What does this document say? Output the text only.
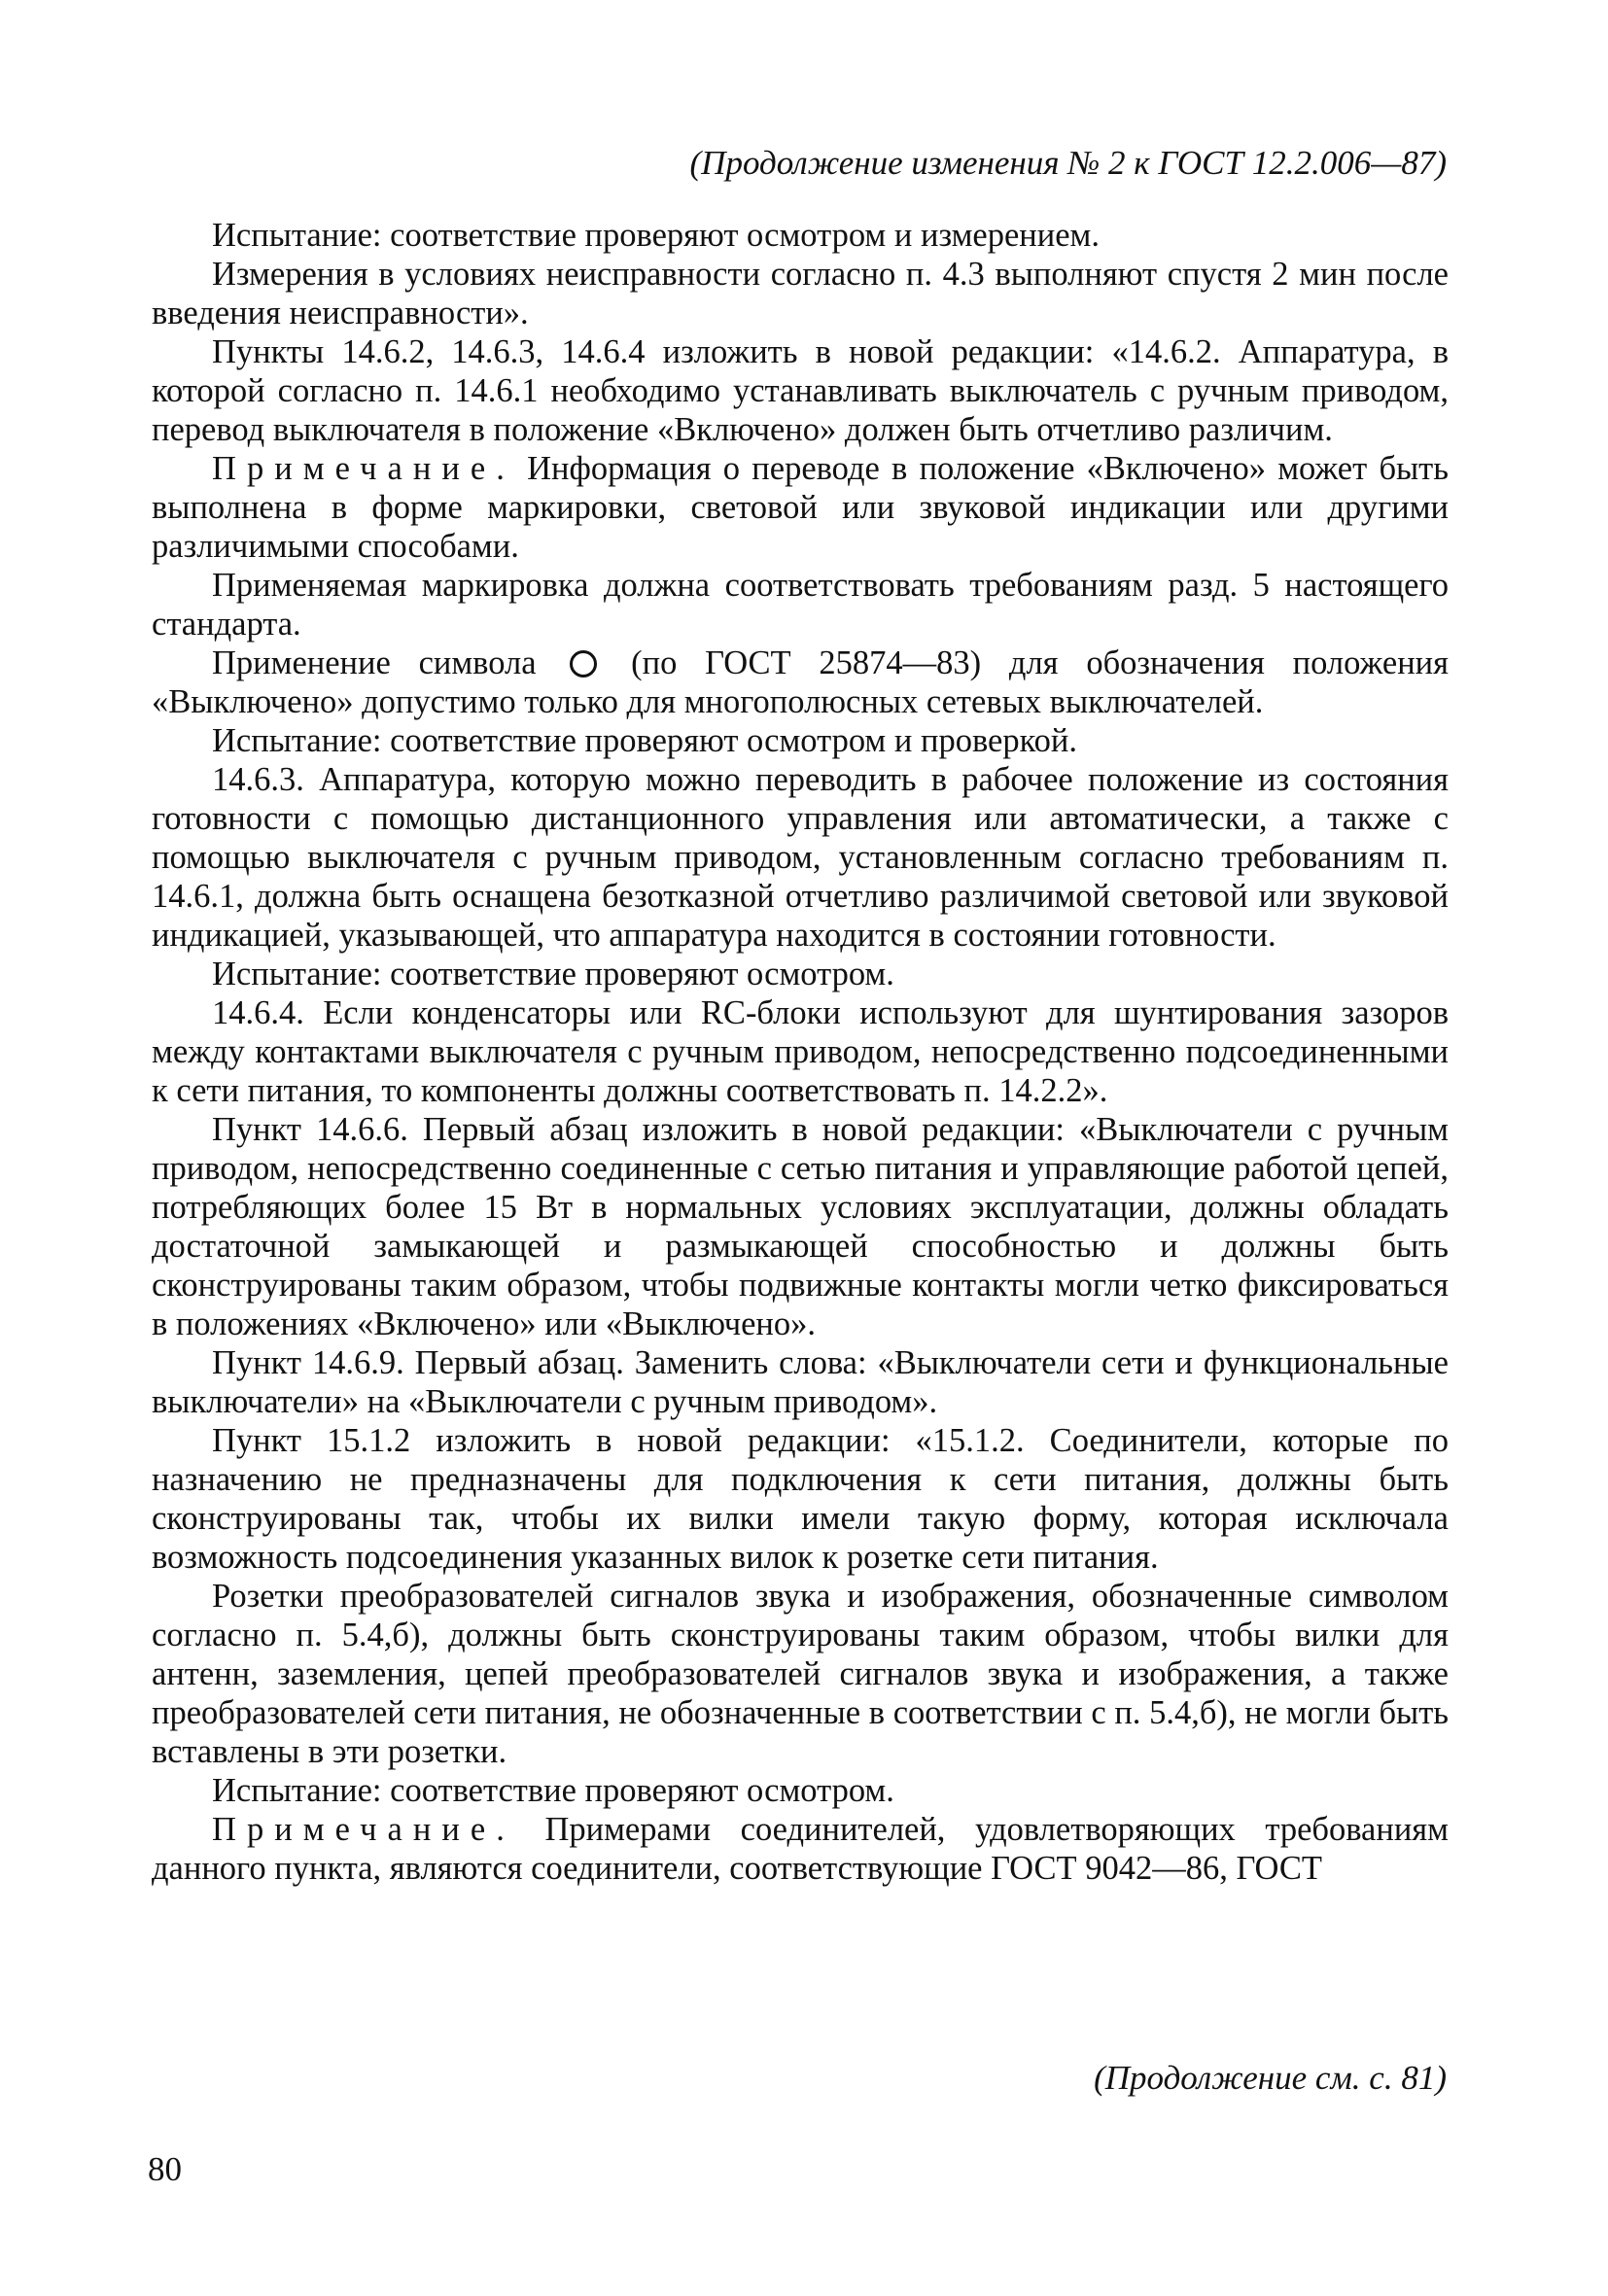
(Продолжение изменения № 2 к ГОСТ 12.2.006—87)

Испытание: соответствие проверяют осмотром и измерением.

Измерения в условиях неисправности согласно п. 4.3 выполняют спустя 2 мин после введения неисправности».

Пункты 14.6.2, 14.6.3, 14.6.4 изложить в новой редакции: «14.6.2. Аппаратура, в которой согласно п. 14.6.1 необходимо устанавливать выключатель с ручным приводом, перевод выключателя в положение «Включено» должен быть отчетливо различим.

Примечание. Информация о переводе в положение «Включено» может быть выполнена в форме маркировки, световой или звуковой индикации или другими различимыми способами.

Применяемая маркировка должна соответствовать требованиям разд. 5 настоящего стандарта.

Применение символа	(по ГОСТ 25874—83) для обозначения положения «Выключено» допустимо только для многополюсных сетевых выключателей.

Испытание: соответствие проверяют осмотром и проверкой.

14.6.3. Аппаратура, которую можно переводить в рабочее положение из состояния готовности с помощью дистанционного управления или автоматически, а также с помощью выключателя с ручным приводом, установленным согласно требованиям п. 14.6.1, должна быть оснащена безотказной отчетливо различимой световой или звуковой индикацией, указывающей, что аппаратура находится в состоянии готовности.

Испытание: соответствие проверяют осмотром.

14.6.4. Если конденсаторы или RC-блоки используют для шунтирования зазоров между контактами выключателя с ручным приводом, непосредственно подсоединенными к сети питания, то компоненты должны соответствовать п. 14.2.2».

Пункт 14.6.6. Первый абзац изложить в новой редакции: «Выключатели с ручным приводом, непосредственно соединенные с сетью питания и управляющие работой цепей, потребляющих более 15 Вт в нормальных условиях эксплуатации, должны обладать достаточной замыкающей и размыкающей способностью и должны быть сконструированы таким образом, чтобы подвижные контакты могли четко фиксироваться в положениях «Включено» или «Выключено».

Пункт 14.6.9. Первый абзац. Заменить слова: «Выключатели сети и функциональные выключатели» на «Выключатели с ручным приводом».

Пункт 15.1.2 изложить в новой редакции: «15.1.2. Соединители, которые по назначению не предназначены для подключения к сети питания, должны быть сконструированы так, чтобы их вилки имели такую форму, которая исключала возможность подсоединения указанных вилок к розетке сети питания.

Розетки преобразователей сигналов звука и изображения, обозначенные символом согласно п. 5.4,б), должны быть сконструированы таким образом, чтобы вилки для антенн, заземления, цепей преобразователей сигналов звука и изображения, а также преобразователей сети питания, не обозначенные в соответствии с п. 5.4,б), не могли быть вставлены в эти розетки.

Испытание: соответствие проверяют осмотром.

Примечание. Примерами соединителей, удовлетворяющих требованиям данного пункта, являются соединители, соответствующие ГОСТ 9042—86, ГОСТ

(Продолжение см. с. 81)
80
